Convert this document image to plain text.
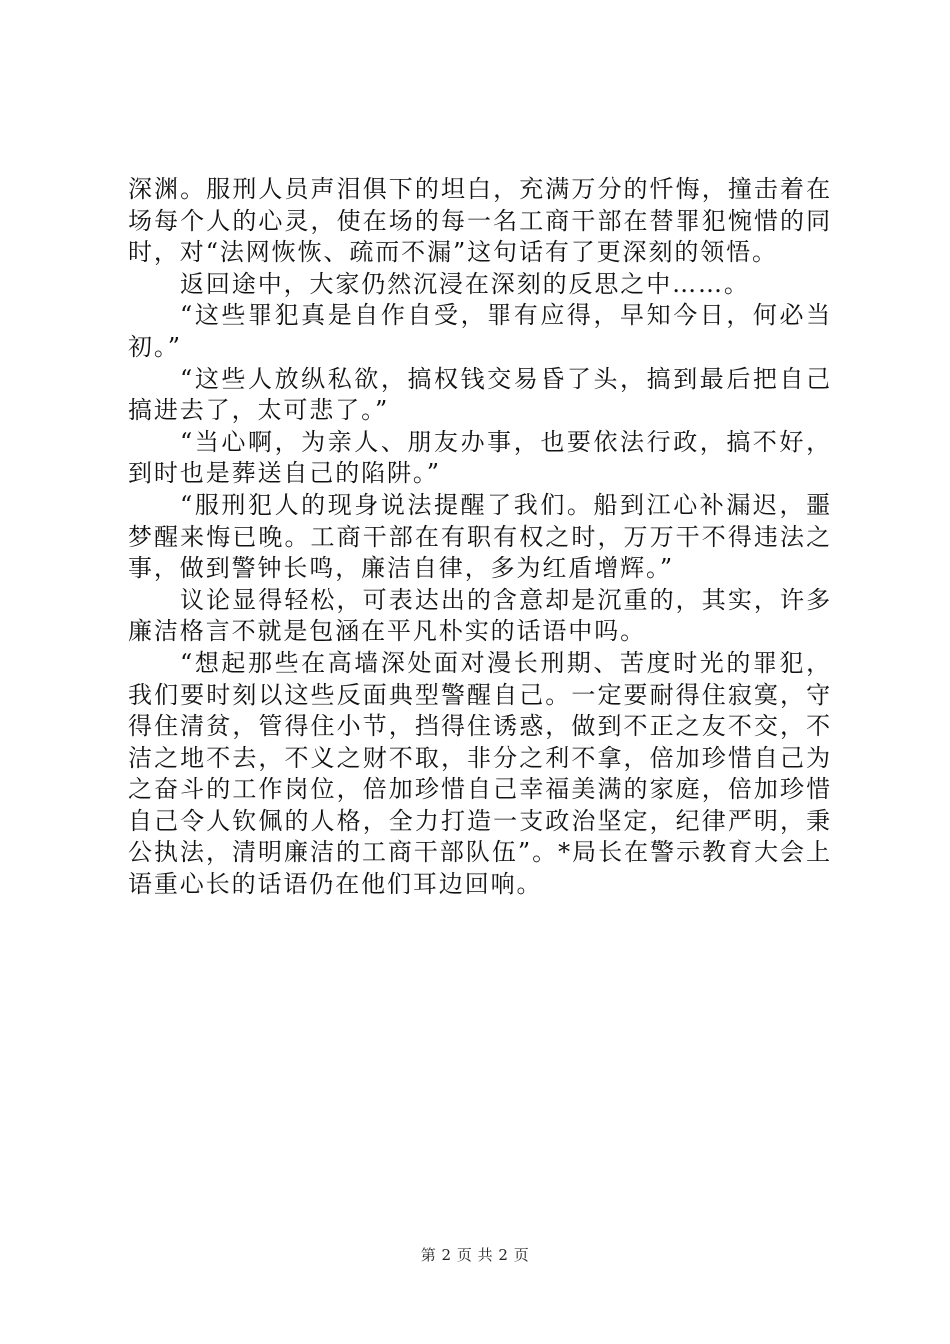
深渊。服刑人员声泪俱下的坦白，充满万分的忏悔，撞击着在场每个人的心灵，使在场的每一名工商干部在替罪犯惋惜的同时，对“法网恢恢、疏而不漏”这句话有了更深刻的领悟。

返回途中，大家仍然沉浸在深刻的反思之中……。

“这些罪犯真是自作自受，罪有应得，早知今日，何必当初。”

“这些人放纵私欲，搞权钱交易昏了头，搞到最后把自己搞进去了，太可悲了。”

“当心啊，为亲人、朋友办事，也要依法行政，搞不好，到时也是葬送自己的陷阱。”

“服刑犯人的现身说法提醒了我们。船到江心补漏迟，噩梦醒来悔已晚。工商干部在有职有权之时，万万干不得违法之事，做到警钟长鸣，廉洁自律，多为红盾增辉。”

议论显得轻松，可表达出的含意却是沉重的，其实，许多廉洁格言不就是包涵在平凡朴实的话语中吗。

“想起那些在高墙深处面对漫长刑期、苦度时光的罪犯，我们要时刻以这些反面典型警醒自己。一定要耐得住寂寞，守得住清贫，管得住小节，挡得住诱惑，做到不正之友不交，不洁之地不去，不义之财不取，非分之利不拿，倍加珍惜自己为之奋斗的工作岗位，倍加珍惜自己幸福美满的家庭，倍加珍惜自己令人钦佩的人格，全力打造一支政治坚定，纪律严明，秉公执法，清明廉洁的工商干部队伍”。*局长在警示教育大会上语重心长的话语仍在他们耳边回响。

第 2 页 共 2 页
